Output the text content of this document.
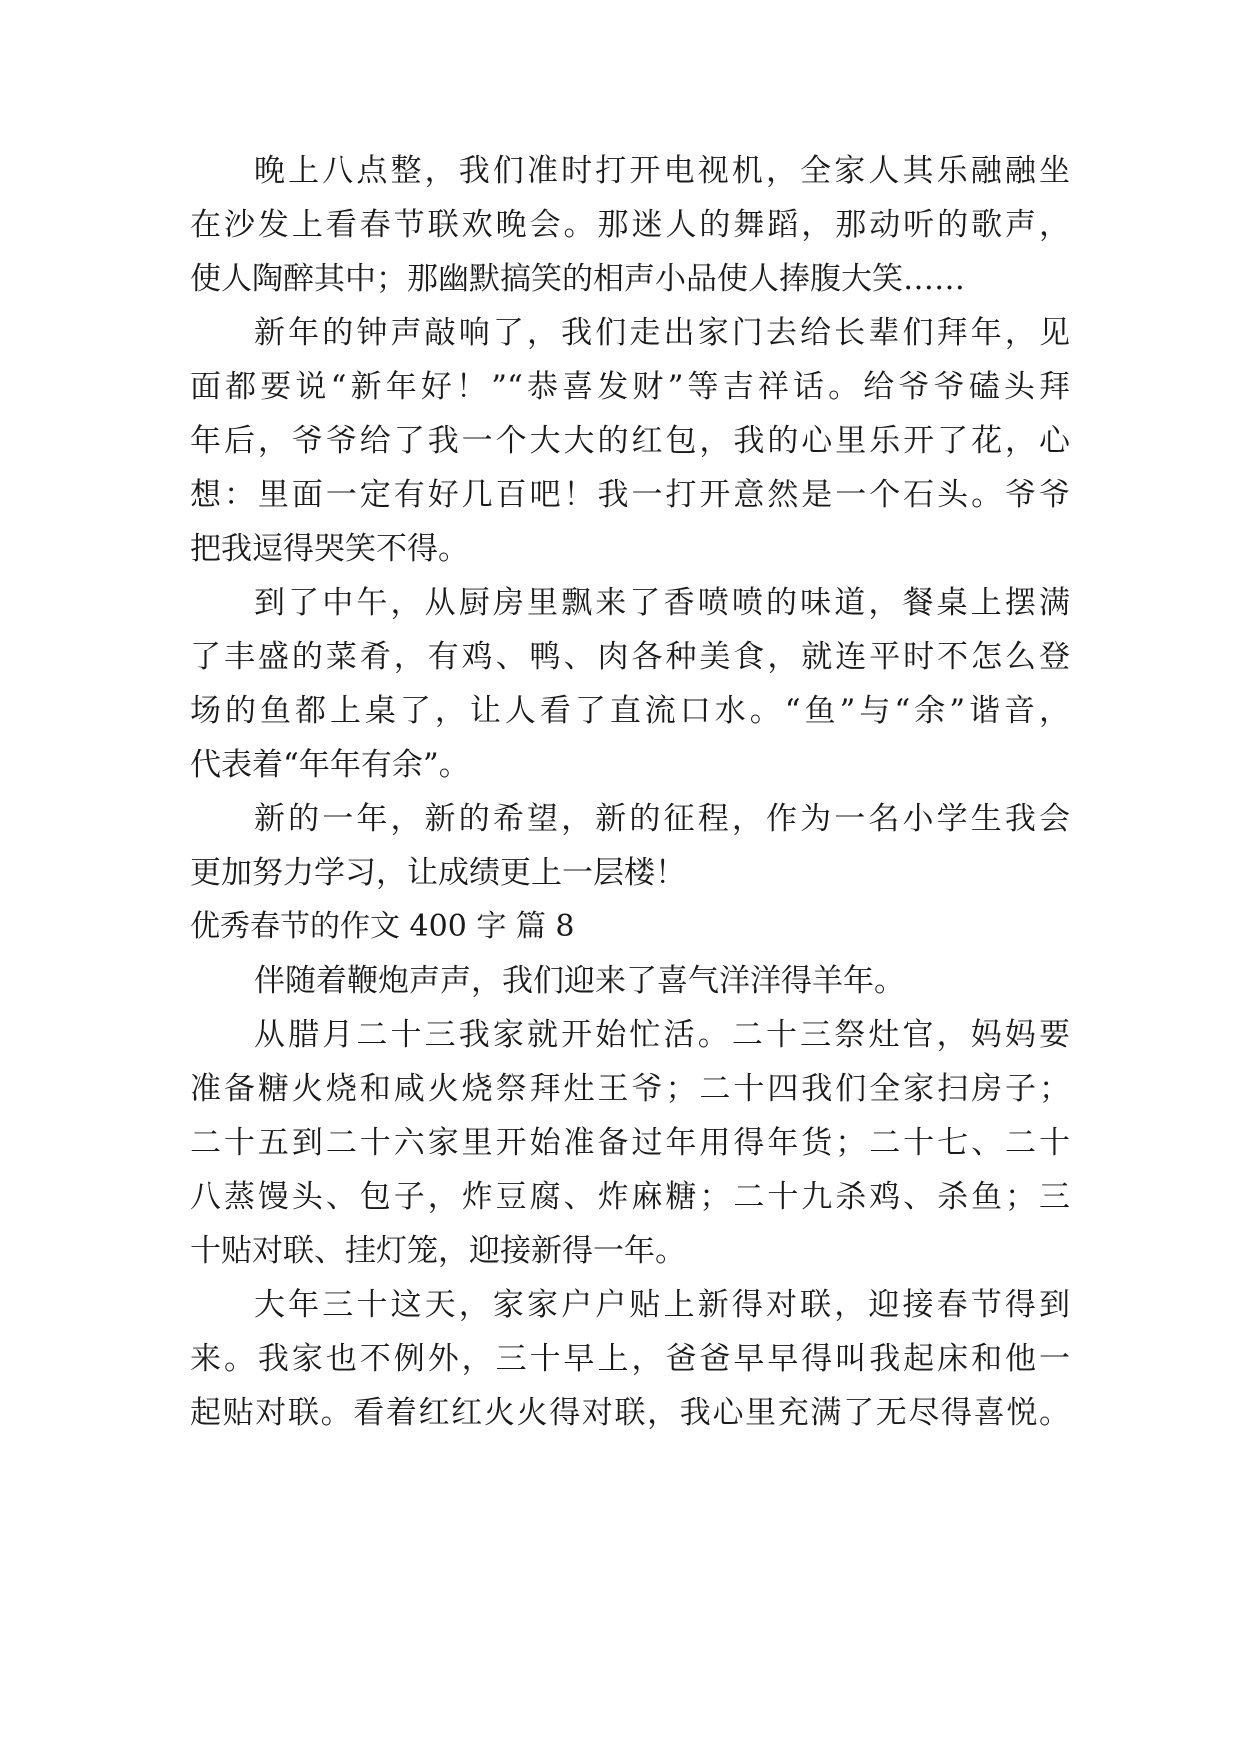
晚上八点整，我们准时打开电视机，全家人其乐融融坐
在沙发上看春节联欢晚会。那迷人的舞蹈，那动听的歌声，
使人陶醉其中；那幽默搞笑的相声小品使人捧腹大笑……
新年的钟声敲响了，我们走出家门去给长辈们拜年，见
面都要说“新年好！”“恭喜发财”等吉祥话。给爷爷磕头拜
年后，爷爷给了我一个大大的红包，我的心里乐开了花，心
想：里面一定有好几百吧！我一打开意然是一个石头。爷爷
把我逗得哭笑不得。
到了中午，从厨房里飘来了香喷喷的味道，餐桌上摆满
了丰盛的菜肴，有鸡、鸭、肉各种美食，就连平时不怎么登
场的鱼都上桌了，让人看了直流口水。“鱼”与“余”谐音，
代表着“年年有余”。
新的一年，新的希望，新的征程，作为一名小学生我会
更加努力学习，让成绩更上一层楼！
优秀春节的作文 400 字 篇 8
伴随着鞭炮声声，我们迎来了喜气洋洋得羊年。
从腊月二十三我家就开始忙活。二十三祭灶官，妈妈要
准备糖火烧和咸火烧祭拜灶王爷；二十四我们全家扫房子；
二十五到二十六家里开始准备过年用得年货；二十七、二十
八蒸馒头、包子，炸豆腐、炸麻糖；二十九杀鸡、杀鱼；三
十贴对联、挂灯笼，迎接新得一年。
大年三十这天，家家户户贴上新得对联，迎接春节得到
来。我家也不例外，三十早上，爸爸早早得叫我起床和他一
起贴对联。看着红红火火得对联，我心里充满了无尽得喜悦。
